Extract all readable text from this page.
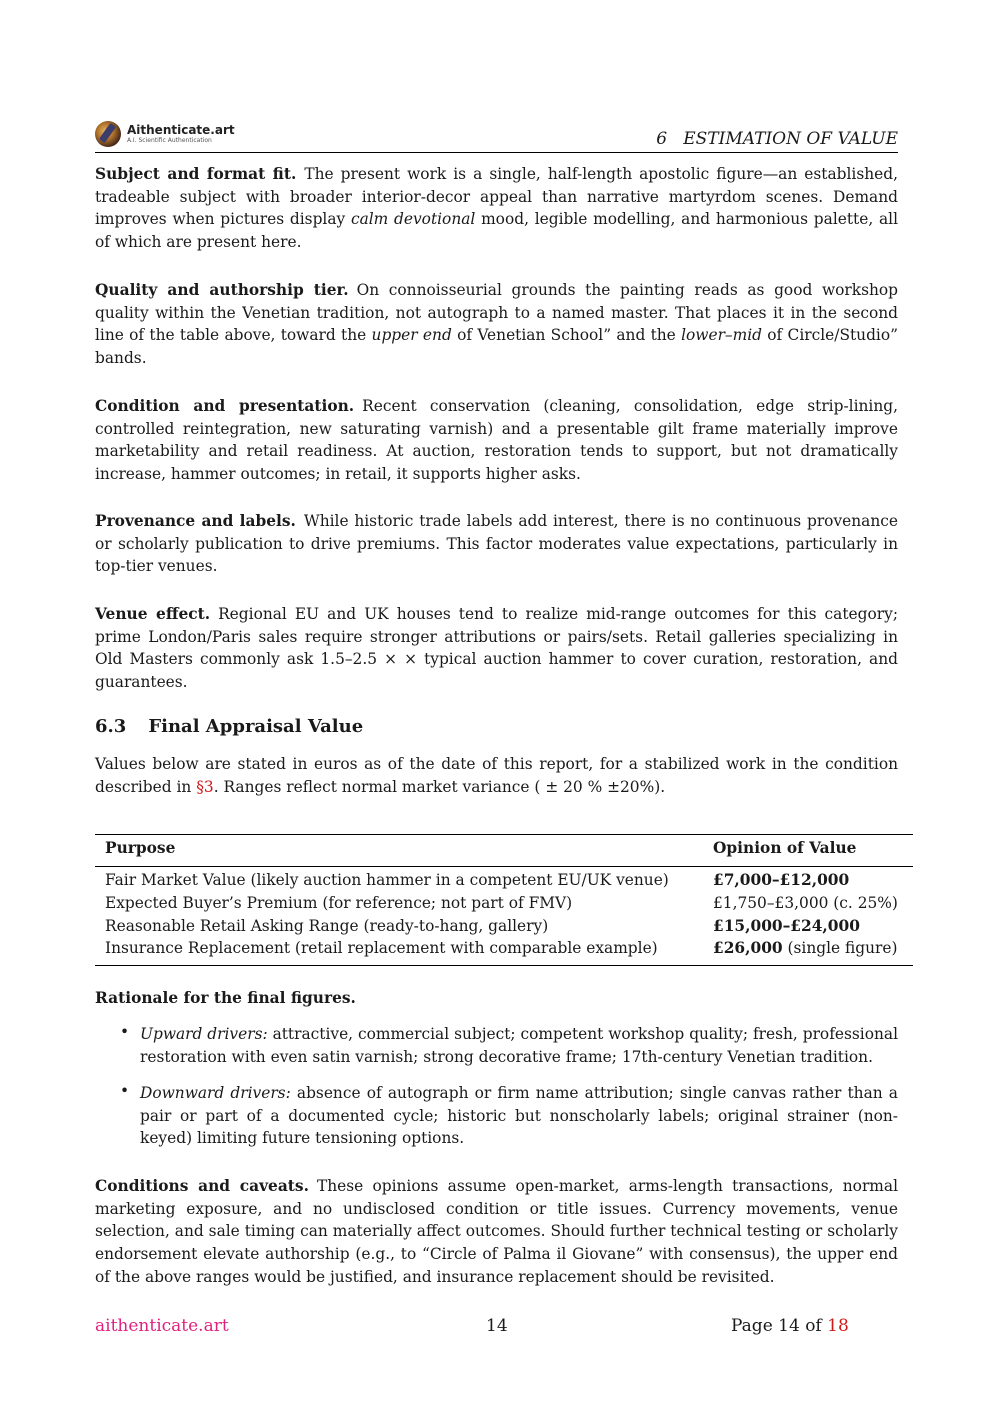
Aithenticate.art
A.I. Scientific Authentication	6   ESTIMATION OF VALUE

Subject and format fit. The present work is a single, half-length apostolic figure—an established, tradeable subject with broader interior-decor appeal than narrative martyrdom scenes. Demand improves when pictures display calm devotional mood, legible modelling, and harmonious palette, all of which are present here.

Quality and authorship tier. On connoisseurial grounds the painting reads as good workshop quality within the Venetian tradition, not autograph to a named master. That places it in the second line of the table above, toward the upper end of Venetian School” and the lower–mid of Circle/Studio” bands.

Condition and presentation. Recent conservation (cleaning, consolidation, edge strip-lining, controlled reintegration, new saturating varnish) and a presentable gilt frame materially improve marketability and retail readiness. At auction, restoration tends to support, but not dramatically increase, hammer outcomes; in retail, it supports higher asks.

Provenance and labels. While historic trade labels add interest, there is no continuous provenance or scholarly publication to drive premiums. This factor moderates value expectations, particularly in top-tier venues.

Venue effect. Regional EU and UK houses tend to realize mid-range outcomes for this category; prime London/Paris sales require stronger attributions or pairs/sets. Retail galleries specializing in Old Masters commonly ask 1.5–2.5 × × typical auction hammer to cover curation, restoration, and guarantees.

6.3 Final Appraisal Value

Values below are stated in euros as of the date of this report, for a stabilized work in the condition described in §3. Ranges reflect normal market variance ( ± 20 % ±20%).

Purpose	Opinion of Value
Fair Market Value (likely auction hammer in a competent EU/UK venue)	£7,000–£12,000
Expected Buyer’s Premium (for reference; not part of FMV)	£1,750–£3,000 (c. 25%)
Reasonable Retail Asking Range (ready-to-hang, gallery)	£15,000–£24,000
Insurance Replacement (retail replacement with comparable example)	£26,000 (single figure)
Rationale for the final figures.
• Upward drivers: attractive, commercial subject; competent workshop quality; fresh, professional restoration with even satin varnish; strong decorative frame; 17th-century Venetian tradition.

• Downward drivers: absence of autograph or firm name attribution; single canvas rather than a pair or part of a documented cycle; historic but nonscholarly labels; original strainer (non-keyed) limiting future tensioning options.

Conditions and caveats. These opinions assume open-market, arms-length transactions, normal marketing exposure, and no undisclosed condition or title issues. Currency movements, venue selection, and sale timing can materially affect outcomes. Should further technical testing or scholarly endorsement elevate authorship (e.g., to “Circle of Palma il Giovane” with consensus), the upper end of the above ranges would be justified, and insurance replacement should be revisited.

aithenticate.art	14	Page 14 of 18
